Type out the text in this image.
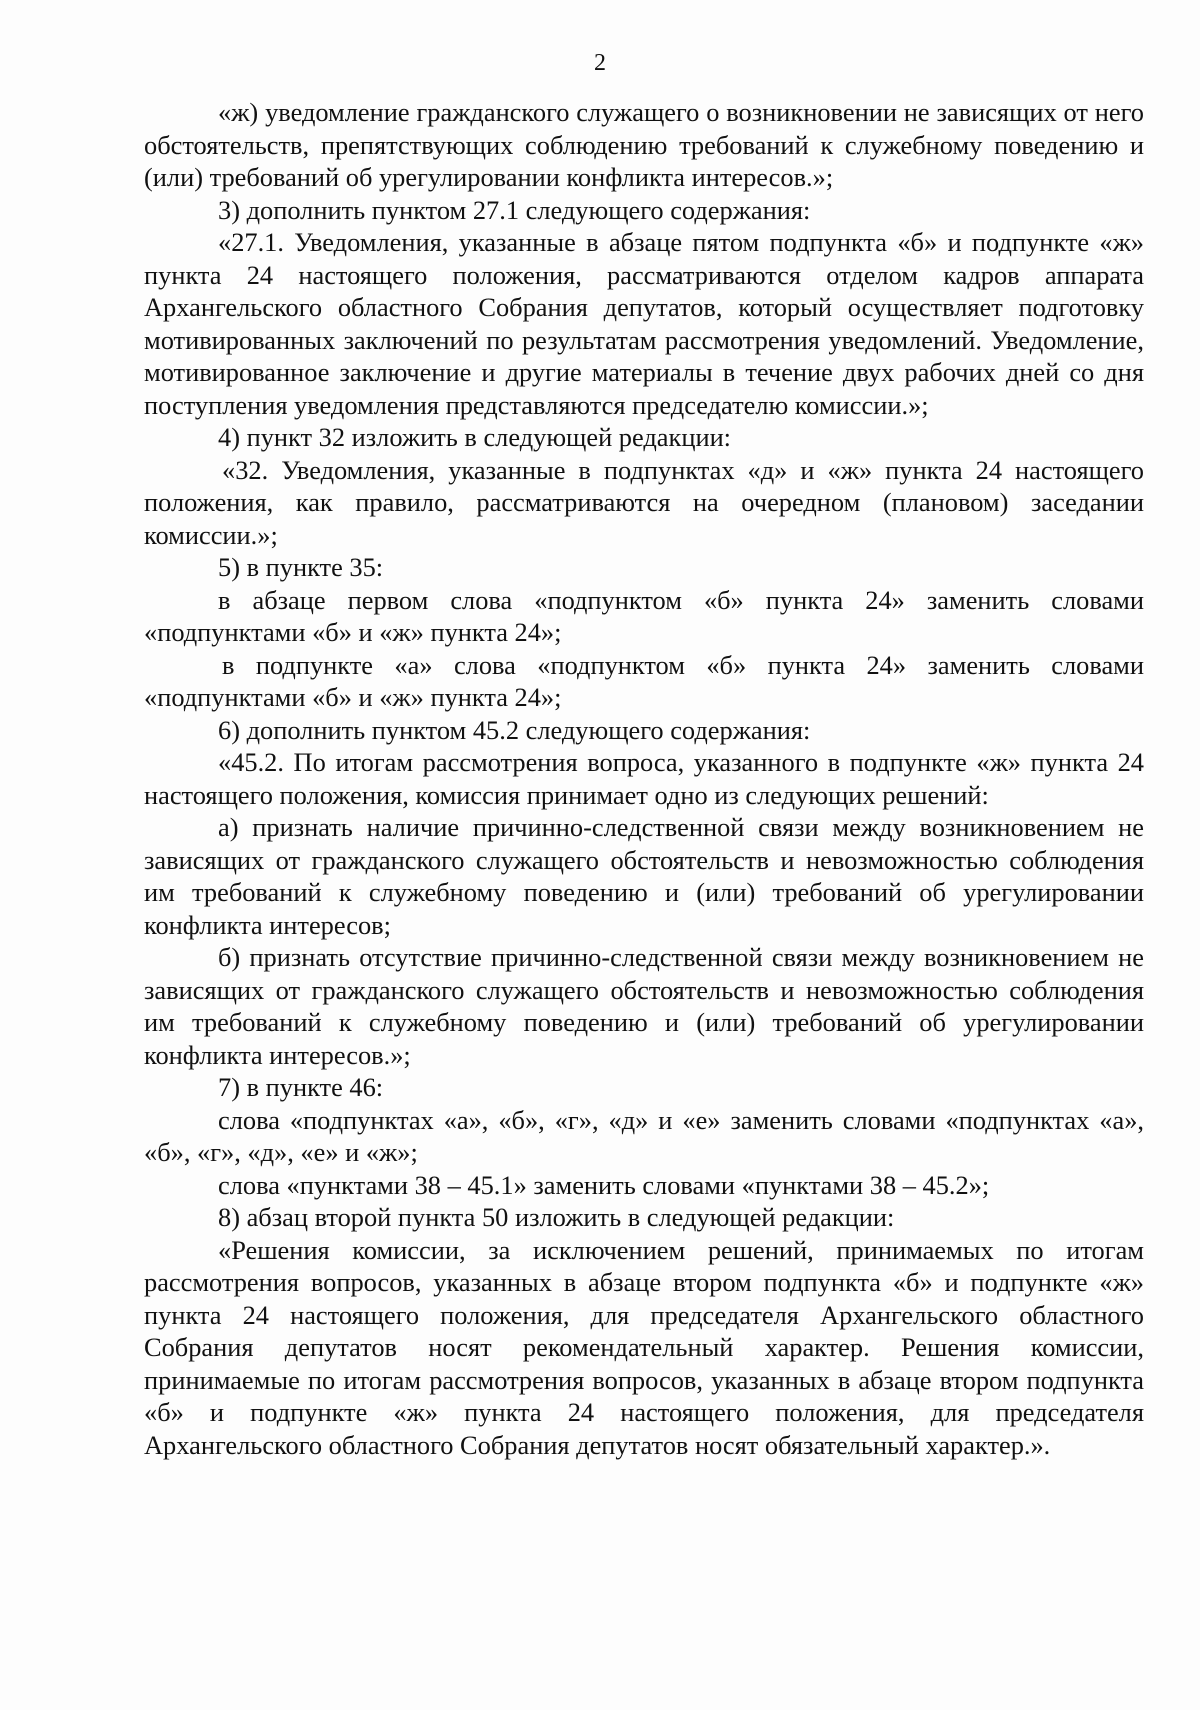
2

«ж) уведомление гражданского служащего о возникновении не зависящих от него обстоятельств, препятствующих соблюдению требований к служебному поведению и (или) требований об урегулировании конфликта интересов.»;

3) дополнить пунктом 27.1 следующего содержания:

«27.1. Уведомления, указанные в абзаце пятом подпункта «б» и подпункте «ж» пункта 24 настоящего положения, рассматриваются отделом кадров аппарата Архангельского областного Собрания депутатов, который осуществляет подготовку мотивированных заключений по результатам рассмотрения уведомлений. Уведомление, мотивированное заключение и другие материалы в течение двух рабочих дней со дня поступления уведомления представляются председателю комиссии.»;

4) пункт 32 изложить в следующей редакции:

«32. Уведомления, указанные в подпунктах «д» и «ж» пункта 24 настоящего положения, как правило, рассматриваются на очередном (плановом) заседании комиссии.»;

5) в пункте 35:

в абзаце первом слова «подпунктом «б» пункта 24» заменить словами «подпунктами «б» и «ж» пункта 24»;

в подпункте «а» слова «подпунктом «б» пункта 24» заменить словами «подпунктами «б» и «ж» пункта 24»;

6) дополнить пунктом 45.2 следующего содержания:

«45.2. По итогам рассмотрения вопроса, указанного в подпункте «ж» пункта 24 настоящего положения, комиссия принимает одно из следующих решений:

а) признать наличие причинно-следственной связи между возникновением не зависящих от гражданского служащего обстоятельств и невозможностью соблюдения им требований к служебному поведению и (или) требований об урегулировании конфликта интересов;

б) признать отсутствие причинно-следственной связи между возникновением не зависящих от гражданского служащего обстоятельств и невозможностью соблюдения им требований к служебному поведению и (или) требований об урегулировании конфликта интересов.»;

7) в пункте 46:

слова «подпунктах «а», «б», «г», «д» и «е» заменить словами «подпунктах «а», «б», «г», «д», «е» и «ж»;

слова «пунктами 38 – 45.1» заменить словами «пунктами 38 – 45.2»;

8) абзац второй пункта 50 изложить в следующей редакции:

«Решения комиссии, за исключением решений, принимаемых по итогам рассмотрения вопросов, указанных в абзаце втором подпункта «б» и подпункте «ж» пункта 24 настоящего положения, для председателя Архангельского областного Собрания депутатов носят рекомендательный характер. Решения комиссии, принимаемые по итогам рассмотрения вопросов, указанных в абзаце втором подпункта «б» и подпункте «ж» пункта 24 настоящего положения, для председателя Архангельского областного Собрания депутатов носят обязательный характер.».
